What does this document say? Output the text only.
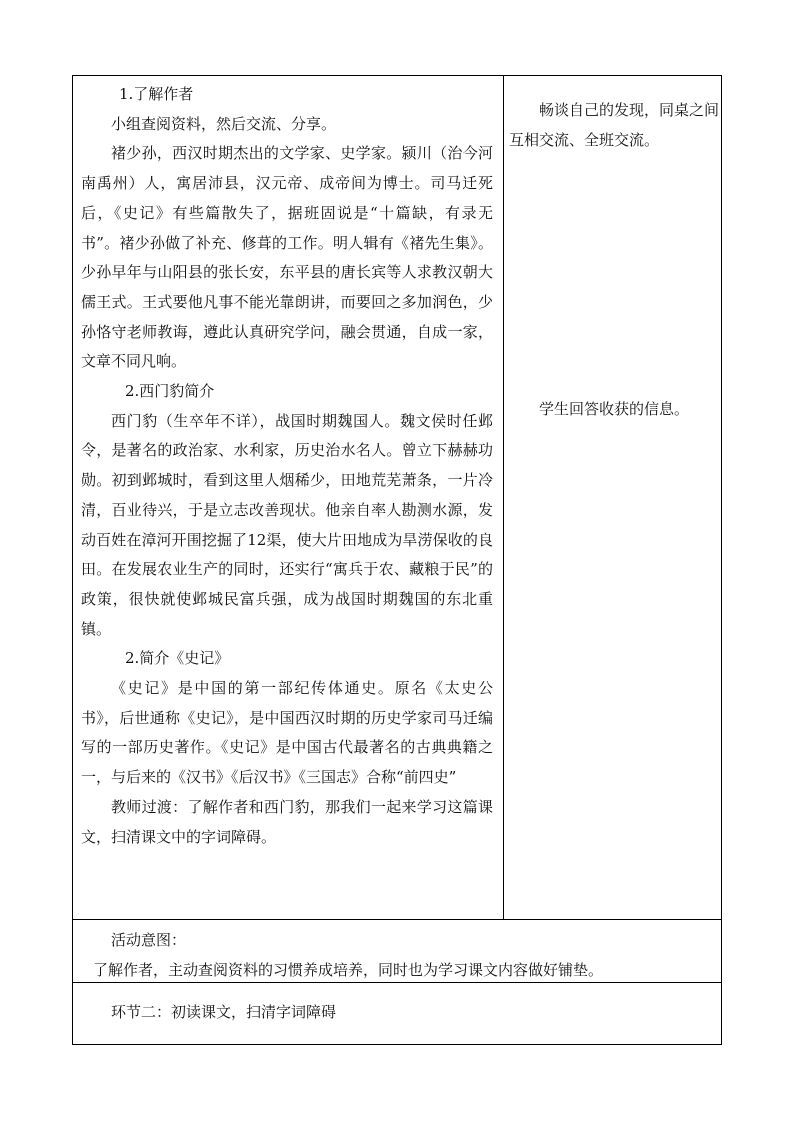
1.了解作者

小组查阅资料，然后交流、分享。

褚少孙，西汉时期杰出的文学家、史学家。颍川（治今河南禹州）人，寓居沛县，汉元帝、成帝间为博士。司马迁死后，《史记》有些篇散失了，据班固说是“十篇缺，有录无书”。褚少孙做了补充、修葺的工作。明人辑有《褚先生集》。少孙早年与山阳县的张长安，东平县的唐长宾等人求教汉朝大儒王式。王式要他凡事不能光靠朗讲，而要回之多加润色，少孙恪守老师教诲，遵此认真研究学问，融会贯通，自成一家，文章不同凡响。

2.西门豹简介

西门豹（生卒年不详），战国时期魏国人。魏文侯时任邺令，是著名的政治家、水利家，历史治水名人。曾立下赫赫功勋。初到邺城时，看到这里人烟稀少，田地荒芜萧条，一片冷清，百业待兴，于是立志改善现状。他亲自率人勘测水源，发动百姓在漳河开围挖掘了12渠，使大片田地成为旱涝保收的良田。在发展农业生产的同时，还实行“寓兵于农、藏粮于民”的政策，很快就使邺城民富兵强，成为战国时期魏国的东北重镇。

2.简介《史记》

《史记》是中国的第一部纪传体通史。原名《太史公书》，后世通称《史记》，是中国西汉时期的历史学家司马迁编写的一部历史著作。《史记》是中国古代最著名的古典典籍之一，与后来的《汉书》《后汉书》《三国志》合称“前四史”

教师过渡：了解作者和西门豹，那我们一起来学习这篇课文，扫清课文中的字词障碍。

畅谈自己的发现，同桌之间互相交流、全班交流。

学生回答收获的信息。

活动意图：

了解作者，主动查阅资料的习惯养成培养，同时也为学习课文内容做好铺垫。

环节二：初读课文，扫清字词障碍
